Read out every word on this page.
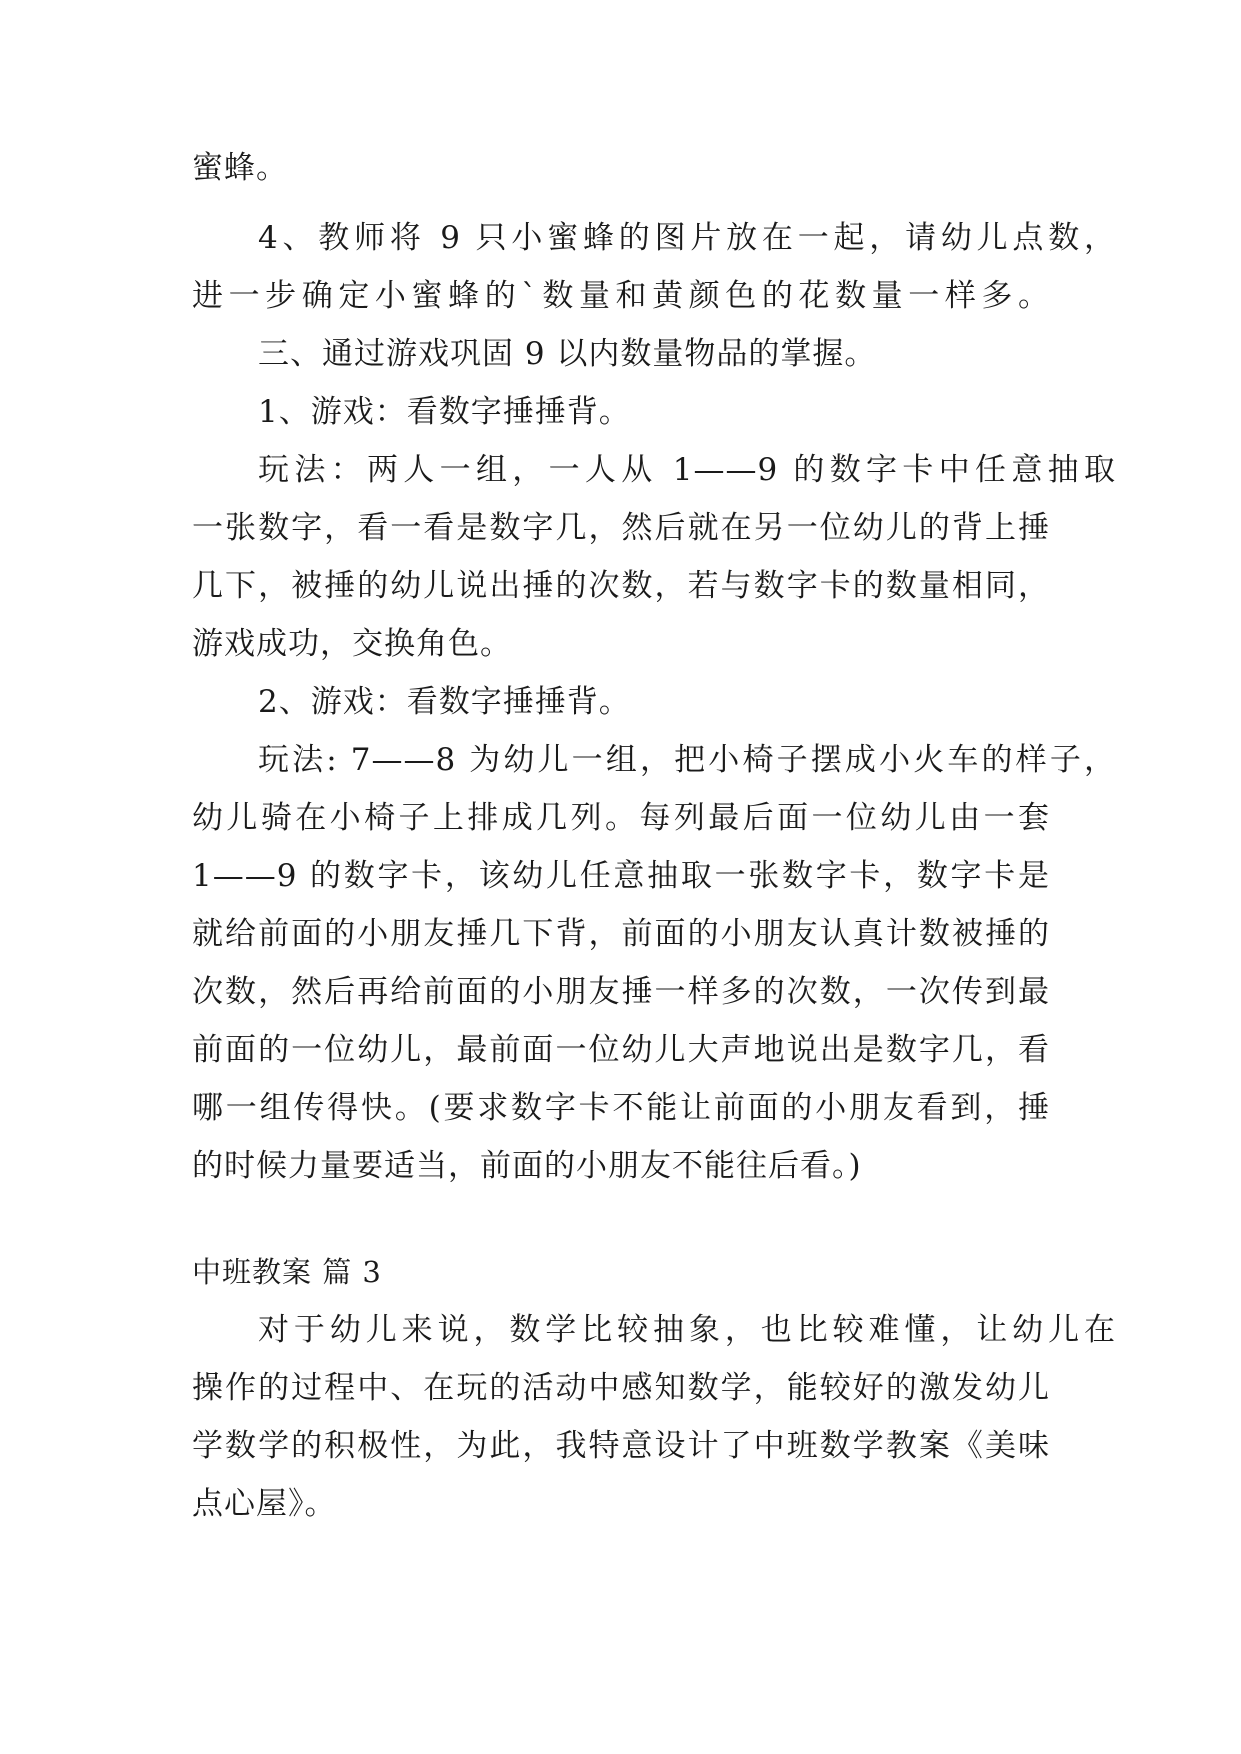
蜜蜂。

4、教师将 9 只小蜜蜂的图片放在一起，请幼儿点数，

进一步确定小蜜蜂的`数量和黄颜色的花数量一样多。

三、通过游戏巩固 9 以内数量物品的掌握。

1、游戏：看数字捶捶背。

玩法：两人一组，一人从 1——9 的数字卡中任意抽取

一张数字，看一看是数字几，然后就在另一位幼儿的背上捶

几下，被捶的幼儿说出捶的次数，若与数字卡的数量相同，

游戏成功，交换角色。

2、游戏：看数字捶捶背。

玩法: 7——8 为幼儿一组，把小椅子摆成小火车的样子，

幼儿骑在小椅子上排成几列。每列最后面一位幼儿由一套

1——9 的数字卡，该幼儿任意抽取一张数字卡，数字卡是

就给前面的小朋友捶几下背，前面的小朋友认真计数被捶的

次数，然后再给前面的小朋友捶一样多的次数，一次传到最

前面的一位幼儿，最前面一位幼儿大声地说出是数字几，看

哪一组传得快。(要求数字卡不能让前面的小朋友看到，捶

的时候力量要适当，前面的小朋友不能往后看。)

中班教案 篇 3

对于幼儿来说，数学比较抽象，也比较难懂，让幼儿在

操作的过程中、在玩的活动中感知数学，能较好的激发幼儿

学数学的积极性，为此，我特意设计了中班数学教案《美味

点心屋》。
